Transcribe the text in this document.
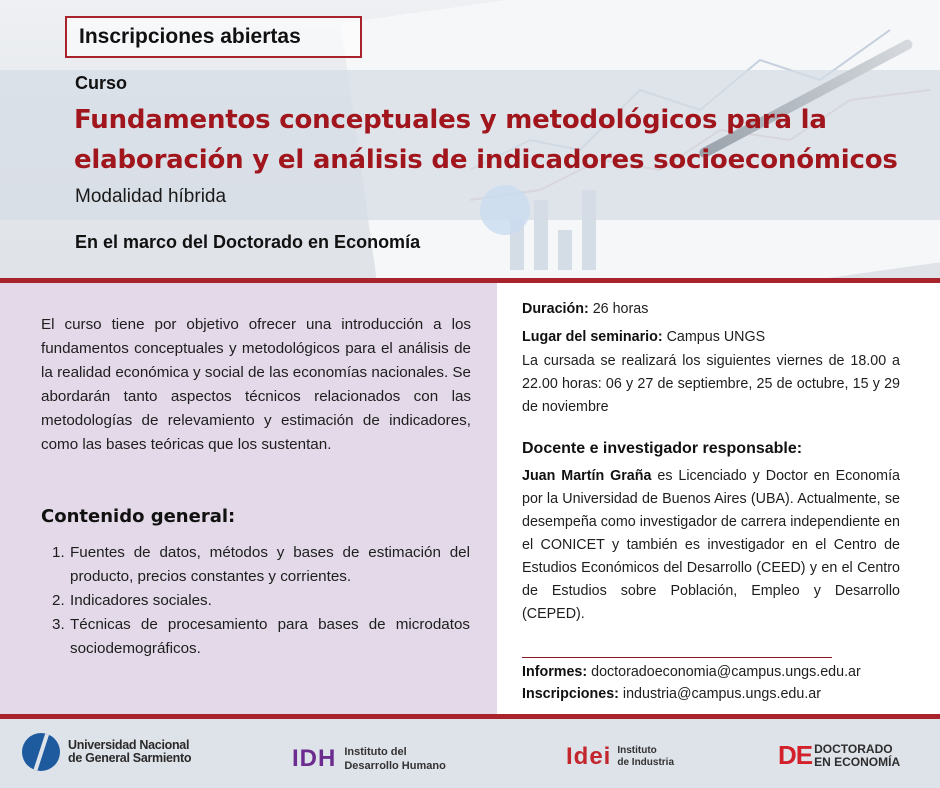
Inscripciones abiertas
Curso
Fundamentos conceptuales y metodológicos para la elaboración y el análisis de indicadores socioeconómicos
Modalidad híbrida
En el marco del Doctorado en Economía

El curso tiene por objetivo ofrecer una introducción a los fundamentos conceptuales y metodológicos para el análisis de la realidad económica y social de las economías nacionales. Se abordarán tanto aspectos técnicos relacionados con las metodologías de relevamiento y estimación de indicadores, como las bases teóricas que los sustentan.

Contenido general:
1. Fuentes de datos, métodos y bases de estimación del producto, precios constantes y corrientes.
2. Indicadores sociales.
3. Técnicas de procesamiento para bases de microdatos sociodemográficos.

Duración: 26 horas

Lugar del seminario: Campus UNGS

La cursada se realizará los siguientes viernes de 18.00 a 22.00 horas: 06 y 27 de septiembre, 25 de octubre, 15 y 29 de noviembre

Docente e investigador responsable:

Juan Martín Graña es Licenciado y Doctor en Economía por la Universidad de Buenos Aires (UBA). Actualmente, se desempeña como investigador de carrera independiente en el CONICET y también es investigador en el Centro de Estudios Económicos del Desarrollo (CEED) y en el Centro de Estudios sobre Población, Empleo y Desarrollo (CEPED).

Informes: doctoradoeconomia@campus.ungs.edu.ar

Inscripciones: industria@campus.ungs.edu.ar

Universidad Nacional
de General Sarmiento	IDH Instituto del
Desarrollo Humano	Idei Instituto
de Industria	DE DOCTORADO
EN ECONOMÍA
